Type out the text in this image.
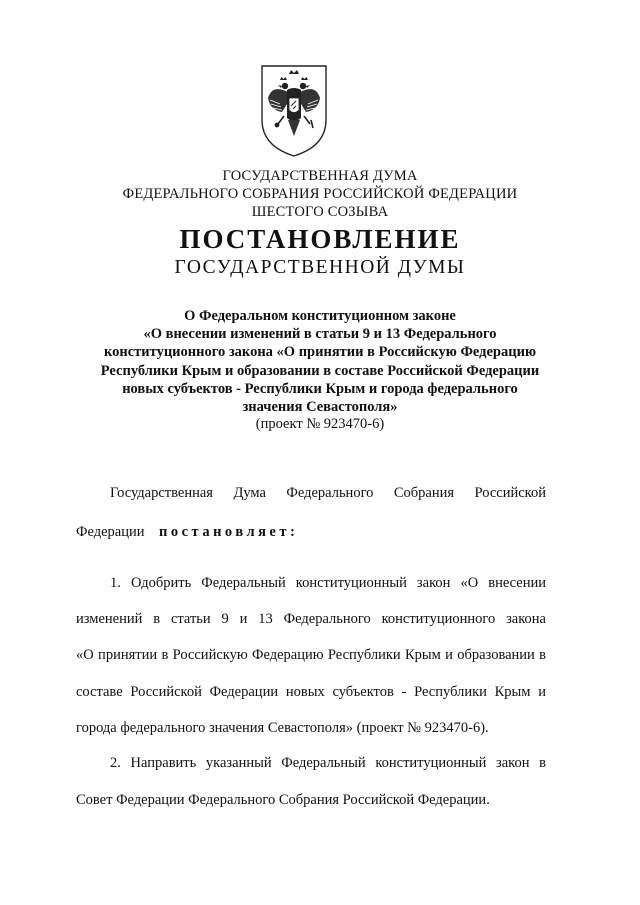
ГОСУДАРСТВЕННАЯ ДУМА
ФЕДЕРАЛЬНОГО СОБРАНИЯ РОССИЙСКОЙ ФЕДЕРАЦИИ
ШЕСТОГО СОЗЫВА
ПОСТАНОВЛЕНИЕ
ГОСУДАРСТВЕННОЙ ДУМЫ
О Федеральном конституционном законе
«О внесении изменений в статьи 9 и 13 Федерального
конституционного закона «О принятии в Российскую Федерацию
Республики Крым и образовании в составе Российской Федерации
новых субъектов - Республики Крым и города федерального
значения Севастополя»
(проект № 923470-6)
Государственная Дума Федерального Собрания Российской
Федерации постановляет:
1. Одобрить Федеральный конституционный закон «О внесении
изменений в статьи 9 и 13 Федерального конституционного закона
«О принятии в Российскую Федерацию Республики Крым и образовании в
составе Российской Федерации новых субъектов - Республики Крым и
города федерального значения Севастополя» (проект № 923470-6).
2. Направить указанный Федеральный конституционный закон в
Совет Федерации Федерального Собрания Российской Федерации.
